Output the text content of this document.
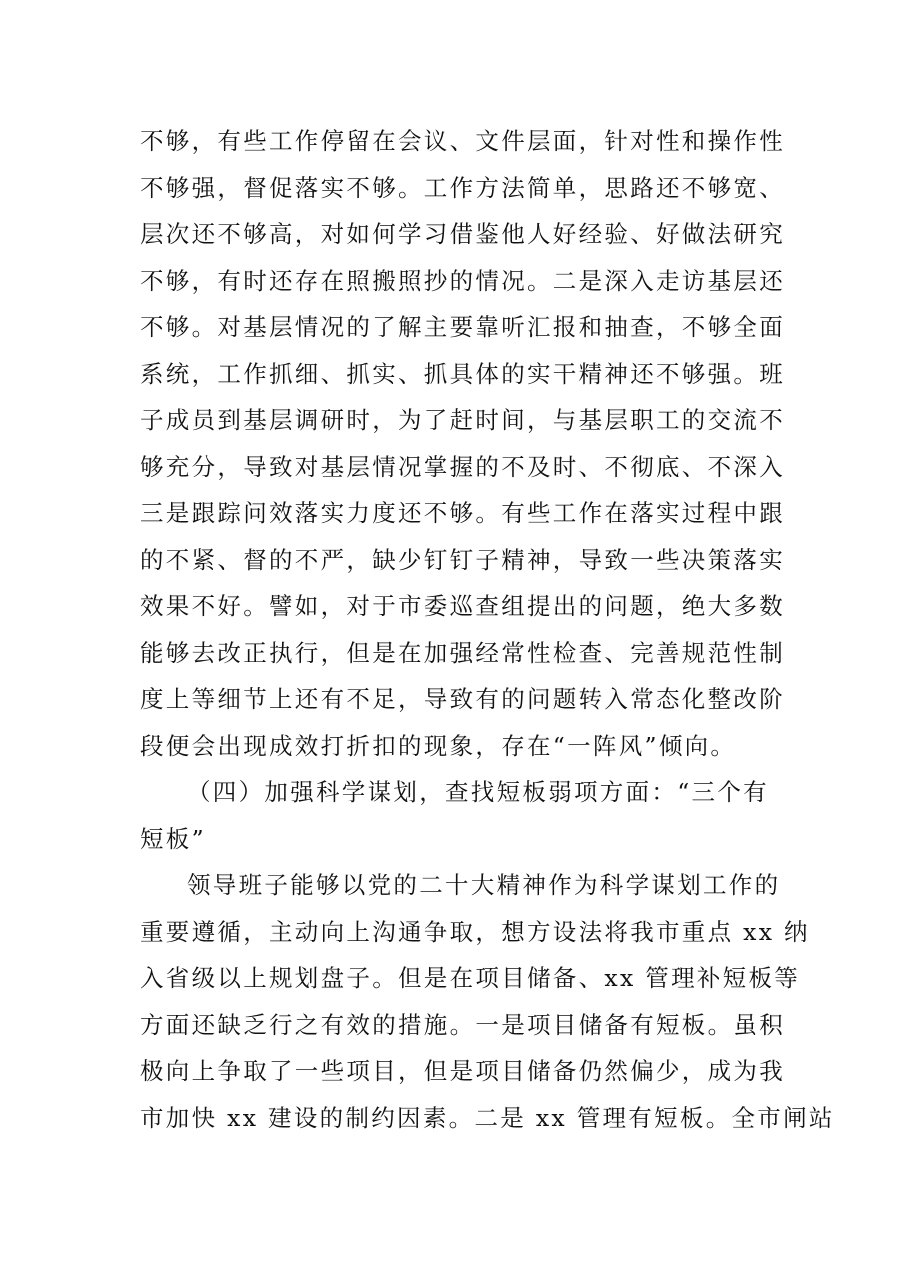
不够，有些工作停留在会议、文件层面，针对性和操作性
不够强，督促落实不够。工作方法简单，思路还不够宽、
层次还不够高，对如何学习借鉴他人好经验、好做法研究
不够，有时还存在照搬照抄的情况。二是深入走访基层还
不够。对基层情况的了解主要靠听汇报和抽查，不够全面
系统，工作抓细、抓实、抓具体的实干精神还不够强。班
子成员到基层调研时，为了赶时间，与基层职工的交流不
够充分，导致对基层情况掌握的不及时、不彻底、不深入
三是跟踪问效落实力度还不够。有些工作在落实过程中跟
的不紧、督的不严，缺少钉钉子精神，导致一些决策落实
效果不好。譬如，对于市委巡查组提出的问题，绝大多数
能够去改正执行，但是在加强经常性检查、完善规范性制
度上等细节上还有不足，导致有的问题转入常态化整改阶
段便会出现成效打折扣的现象，存在“一阵风”倾向。
（四）加强科学谋划，查找短板弱项方面：“三个有
短板”
领导班子能够以党的二十大精神作为科学谋划工作的
重要遵循，主动向上沟通争取，想方设法将我市重点 xx 纳
入省级以上规划盘子。但是在项目储备、xx 管理补短板等
方面还缺乏行之有效的措施。一是项目储备有短板。虽积
极向上争取了一些项目，但是项目储备仍然偏少，成为我
市加快 xx 建设的制约因素。二是 xx 管理有短板。全市闸站
